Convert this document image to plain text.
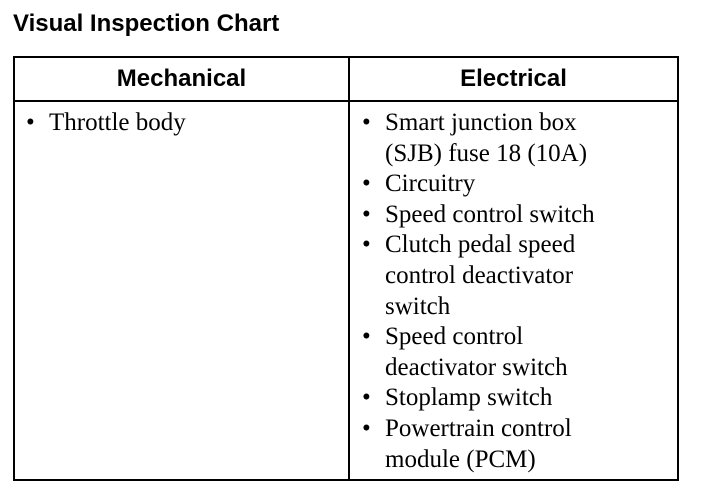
Visual Inspection Chart
Mechanical	Electrical
• Throttle body	• Smart junction box
(SJB) fuse 18 (10A)
• Circuitry
• Speed control switch
• Clutch pedal speed
control deactivator
switch
• Speed control
deactivator switch
• Stoplamp switch
• Powertrain control
module (PCM)
